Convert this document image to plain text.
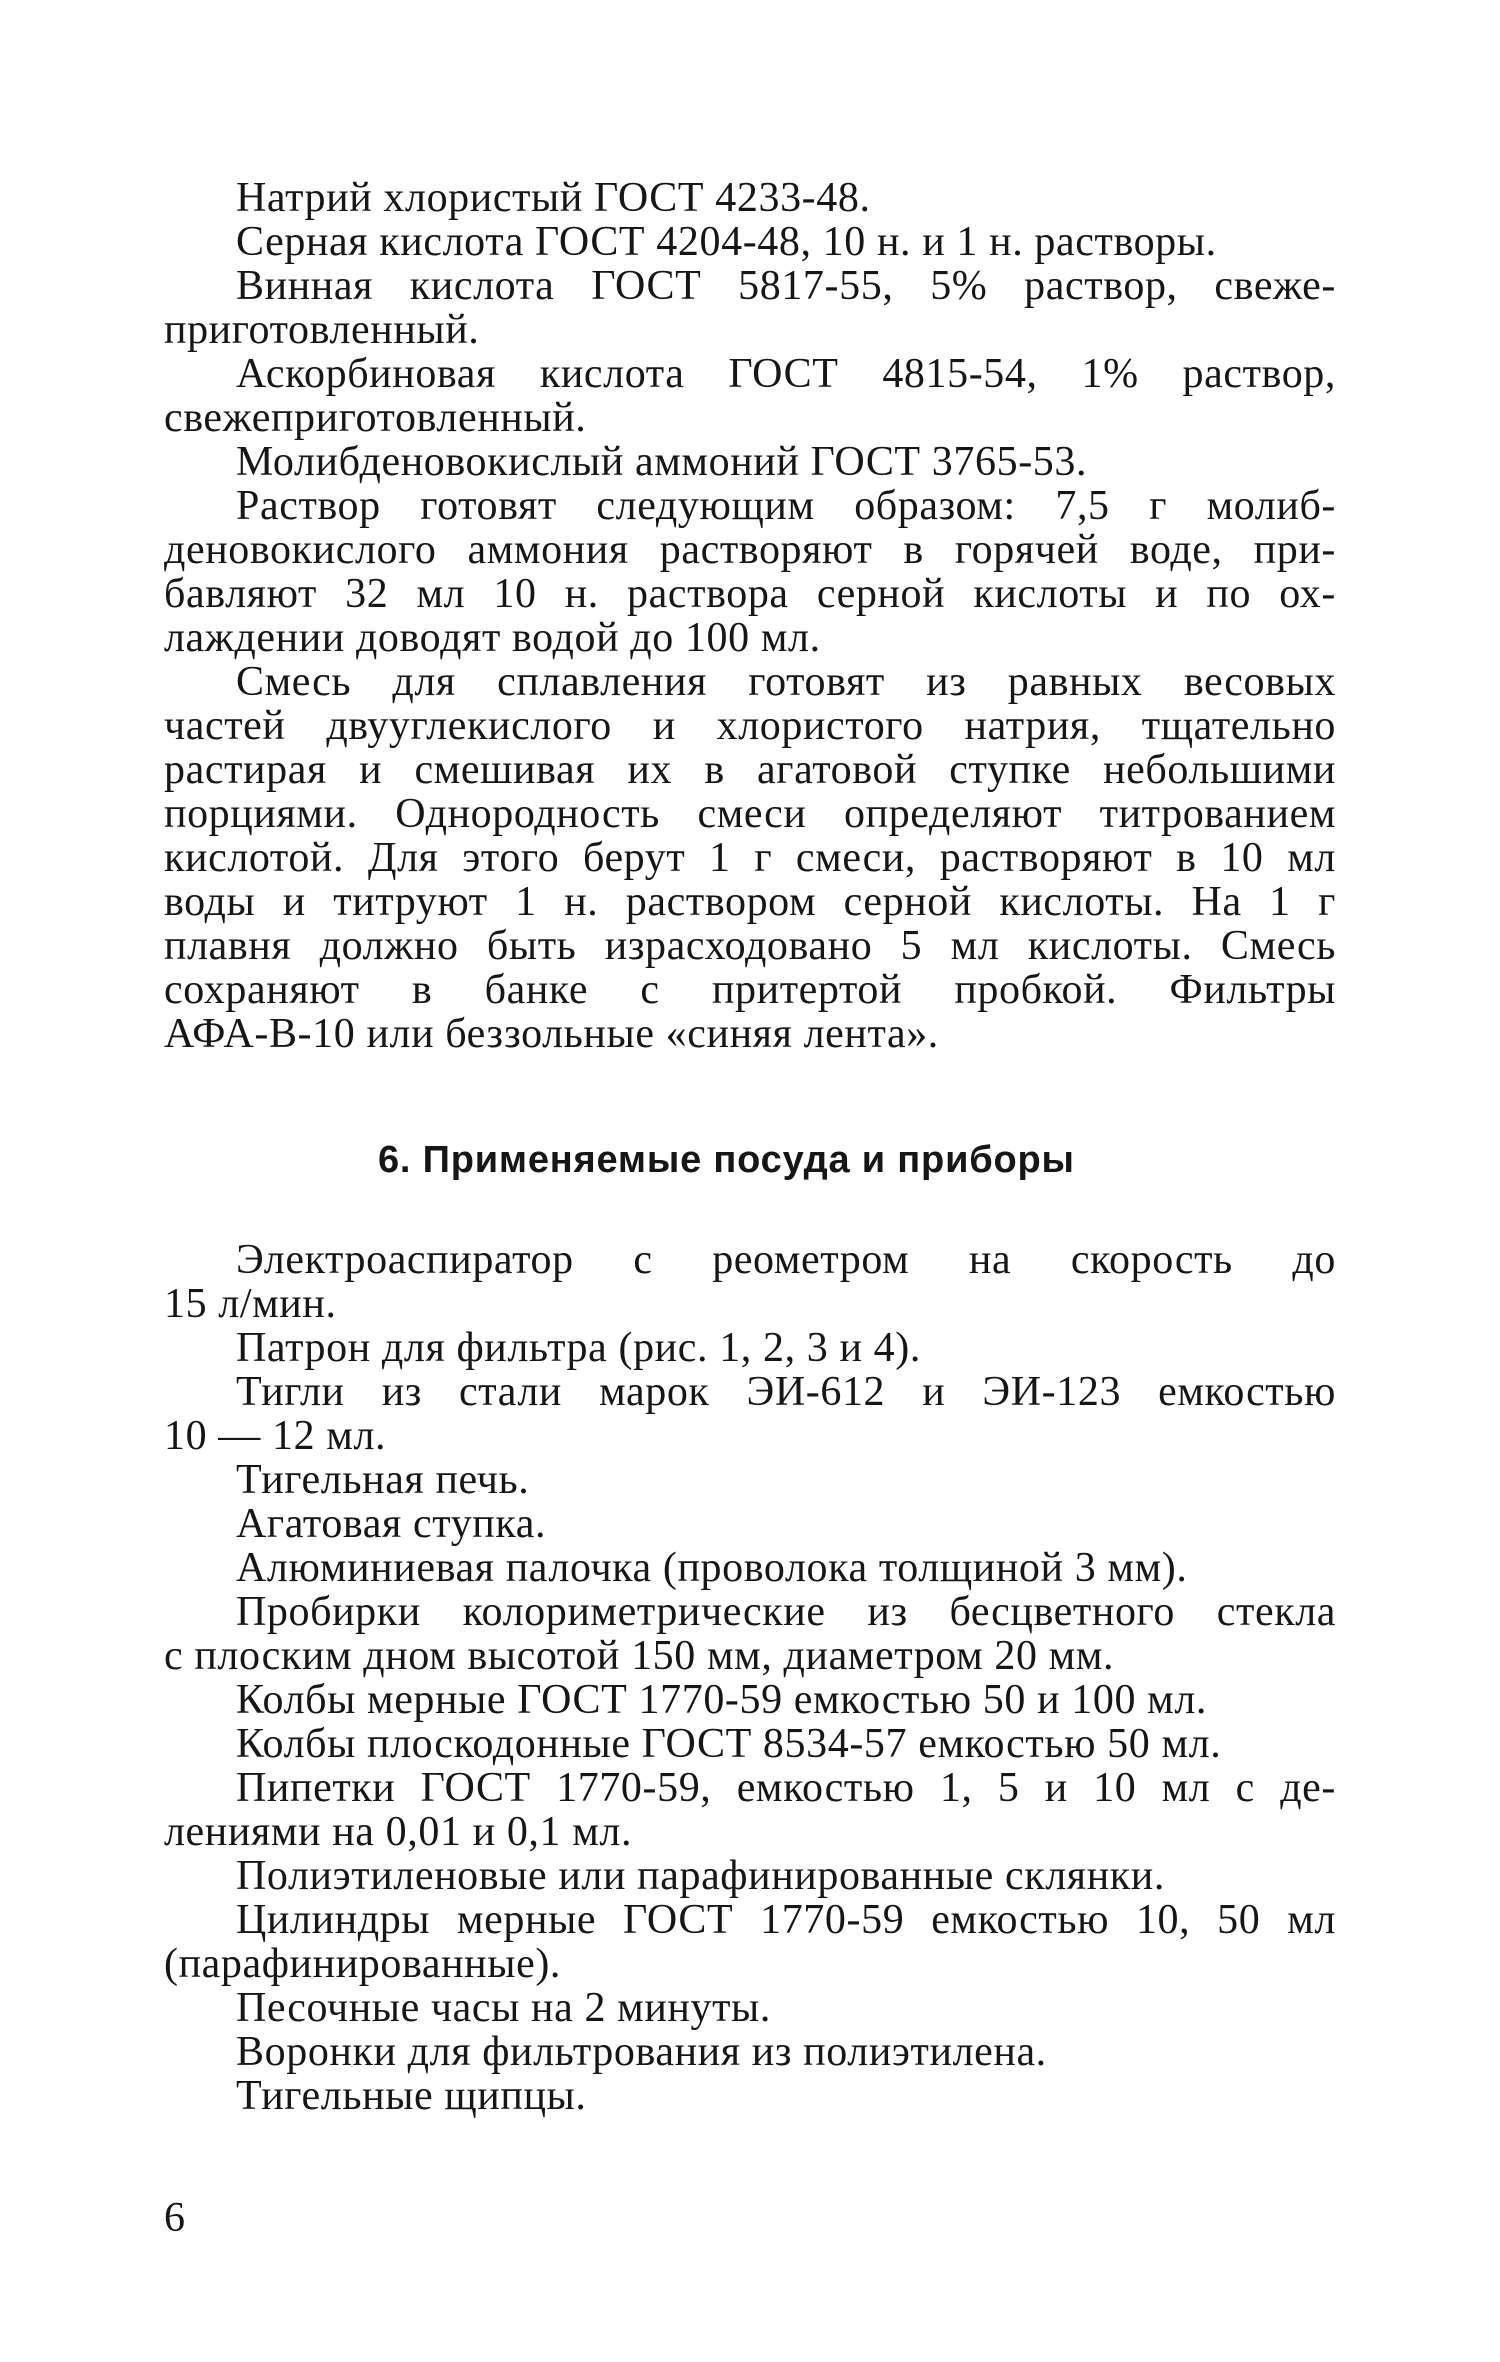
Натрий хлористый ГОСТ 4233-48.
Серная кислота ГОСТ 4204-48, 10 н. и 1 н. растворы.
Винная кислота ГОСТ 5817-55, 5% раствор, свеже-
приготовленный.
Аскорбиновая кислота ГОСТ 4815-54, 1% раствор,
свежеприготовленный.
Молибденовокислый аммоний ГОСТ 3765-53.
Раствор готовят следующим образом: 7,5 г молиб-
деновокислого аммония растворяют в горячей воде, при-
бавляют 32 мл 10 н. раствора серной кислоты и по ох-
лаждении доводят водой до 100 мл.
Смесь для сплавления готовят из равных весовых
частей двууглекислого и хлористого натрия, тщательно
растирая и смешивая их в агатовой ступке небольшими
порциями. Однородность смеси определяют титрованием
кислотой. Для этого берут 1 г смеси, растворяют в 10 мл
воды и титруют 1 н. раствором серной кислоты. На 1 г
плавня должно быть израсходовано 5 мл кислоты. Смесь
сохраняют в банке с притертой пробкой. Фильтры
АФА-В-10 или беззольные «синяя лента».
6. Применяемые посуда и приборы
Электроаспиратор с реометром на скорость до
15 л/мин.
Патрон для фильтра (рис. 1, 2, 3 и 4).
Тигли из стали марок ЭИ-612 и ЭИ-123 емкостью
10 — 12 мл.
Тигельная печь.
Агатовая ступка.
Алюминиевая палочка (проволока толщиной 3 мм).
Пробирки колориметрические из бесцветного стекла
с плоским дном высотой 150 мм, диаметром 20 мм.
Колбы мерные ГОСТ 1770-59 емкостью 50 и 100 мл.
Колбы плоскодонные ГОСТ 8534-57 емкостью 50 мл.
Пипетки ГОСТ 1770-59, емкостью 1, 5 и 10 мл с де-
лениями на 0,01 и 0,1 мл.
Полиэтиленовые или парафинированные склянки.
Цилиндры мерные ГОСТ 1770-59 емкостью 10, 50 мл
(парафинированные).
Песочные часы на 2 минуты.
Воронки для фильтрования из полиэтилена.
Тигельные щипцы.
6
